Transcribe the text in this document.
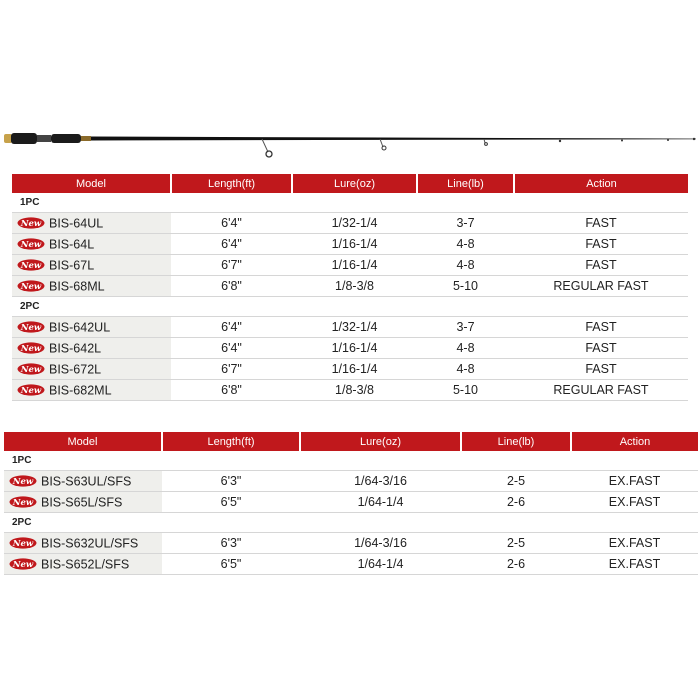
Model	Length(ft)	Lure(oz)	Line(lb)	Action
1PC				

New BIS-64UL	6'4"	1/32-1/4	3-7	FAST

New BIS-64L	6'4"	1/16-1/4	4-8	FAST

New BIS-67L	6'7"	1/16-1/4	4-8	FAST

New BIS-68ML	6'8"	1/8-3/8	5-10	REGULAR FAST
2PC				

New BIS-642UL	6'4"	1/32-1/4	3-7	FAST

New BIS-642L	6'4"	1/16-1/4	4-8	FAST

New BIS-672L	6'7"	1/16-1/4	4-8	FAST

New BIS-682ML	6'8"	1/8-3/8	5-10	REGULAR FAST
Model	Length(ft)	Lure(oz)	Line(lb)	Action
1PC				

New BIS-S63UL/SFS	6'3"	1/64-3/16	2-5	EX.FAST

New BIS-S65L/SFS	6'5"	1/64-1/4	2-6	EX.FAST
2PC				

New BIS-S632UL/SFS	6'3"	1/64-3/16	2-5	EX.FAST

New BIS-S652L/SFS	6'5"	1/64-1/4	2-6	EX.FAST
